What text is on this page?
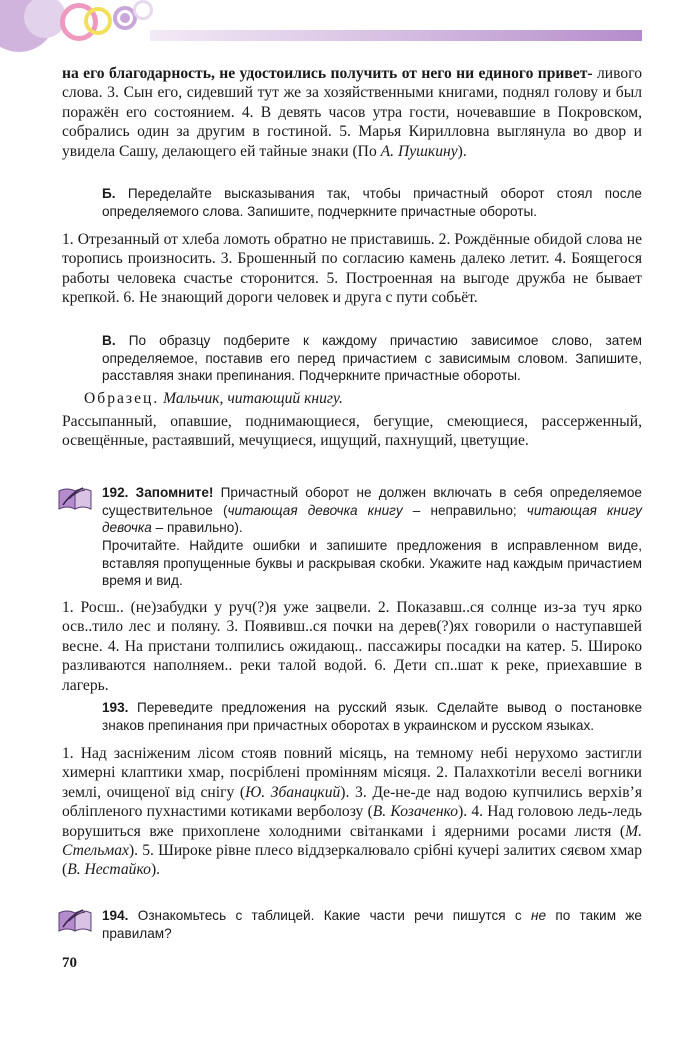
на его благодарность, не удостоились получить от него ни единого привет- ливого слова. 3. Сын его, сидевший тут же за хозяйственными книгами, поднял голову и был поражён его состоянием. 4. В девять часов утра гости, ночевавшие в Покровском, собрались один за другим в гостиной. 5. Марья Кирилловна выглянула во двор и увидела Сашу, делающего ей тайные знаки (По А. Пушкину).

Б. Переделайте высказывания так, чтобы причастный оборот стоял после определяемого слова. Запишите, подчеркните причастные обороты.

1. Отрезанный от хлеба ломоть обратно не приставишь. 2. Рождённые обидой слова не торопись произносить. 3. Брошенный по согласию камень далеко летит. 4. Боящегося работы человека счастье сторонится. 5. Построенная на выгоде дружба не бывает крепкой. 6. Не знающий дороги человек и друга с пути собьёт.

В. По образцу подберите к каждому причастию зависимое слово, затем определяемое, поставив его перед причастием с зависимым словом. Запишите, расставляя знаки препинания. Подчеркните причастные обороты.

Образец. Мальчик, читающий книгу.

Рассыпанный, опавшие, поднимающиеся, бегущие, смеющиеся, рассерженный, освещённые, растаявший, мечущиеся, ищущий, пахнущий, цветущие.

192. Запомните! Причастный оборот не должен включать в себя определяемое существительное (читающая девочка книгу – неправильно; читающая книгу девочка – правильно).

Прочитайте. Найдите ошибки и запишите предложения в исправленном виде, вставляя пропущенные буквы и раскрывая скобки. Укажите над каждым причастием время и вид.

1. Росш.. (не)забудки у руч(?)я уже зацвели. 2. Показавш..ся солнце из-за туч ярко осв..тило лес и поляну. 3. Появивш..ся почки на дерев(?)ях говорили о наступавшей весне. 4. На пристани толпились ожидающ.. пассажиры посадки на катер. 5. Широко разливаются наполняем.. реки талой водой. 6. Дети сп..шат к реке, приехавшие в лагерь.

193. Переведите предложения на русский язык. Сделайте вывод о постановке знаков препинания при причастных оборотах в украинском и русском языках.

1. Над засніженим лісом стояв повний місяць, на темному небі нерухомо застигли химерні клаптики хмар, посріблені промінням місяця. 2. Палахкотіли веселі вогники землі, очищеної від снігу (Ю. Збанацкий). 3. Де-не-де над водою купчились верхів’я обліпленого пухнастими котиками верболозу (В. Козаченко). 4. Над головою ледь-ледь ворушиться вже прихоплене холодними світанками і ядерними росами листя (М. Стельмах). 5. Широке рівне плесо віддзеркалювало срібні кучері залитих сяєвом хмар (В. Нестайко).

194. Ознакомьтесь с таблицей. Какие части речи пишутся с не по таким же правилам?

70
